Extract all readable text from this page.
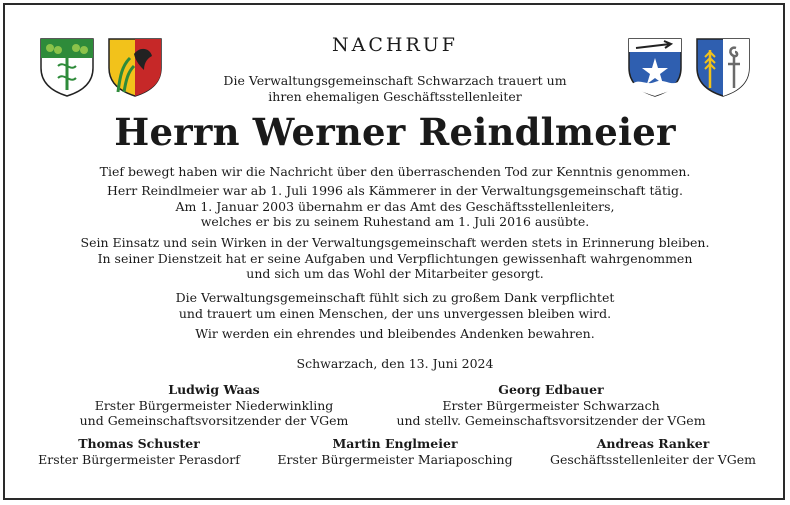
NACHRUF
Die Verwaltungsgemeinschaft Schwarzach trauert um
ihren ehemaligen Geschäftsstellenleiter
Herrn Werner Reindlmeier
Tief bewegt haben wir die Nachricht über den überraschenden Tod zur Kenntnis genommen.
Herr Reindlmeier war ab 1. Juli 1996 als Kämmerer in der Verwaltungsgemeinschaft tätig.
Am 1. Januar 2003 übernahm er das Amt des Geschäftsstellenleiters,
welches er bis zu seinem Ruhestand am 1. Juli 2016 ausübte.
Sein Einsatz und sein Wirken in der Verwaltungsgemeinschaft werden stets in Erinnerung bleiben.
In seiner Dienstzeit hat er seine Aufgaben und Verpflichtungen gewissenhaft wahrgenommen
und sich um das Wohl der Mitarbeiter gesorgt.
Die Verwaltungsgemeinschaft fühlt sich zu großem Dank verpflichtet
und trauert um einen Menschen, der uns unvergessen bleiben wird.
Wir werden ein ehrendes und bleibendes Andenken bewahren.
Schwarzach, den 13. Juni 2024
Ludwig Waas
Erster Bürgermeister Niederwinkling
und Gemeinschaftsvorsitzender der VGem
Georg Edbauer
Erster Bürgermeister Schwarzach
und stellv. Gemeinschaftsvorsitzender der VGem
Thomas Schuster
Erster Bürgermeister Perasdorf
Martin Englmeier
Erster Bürgermeister Mariaposching
Andreas Ranker
Geschäftsstellenleiter der VGem
